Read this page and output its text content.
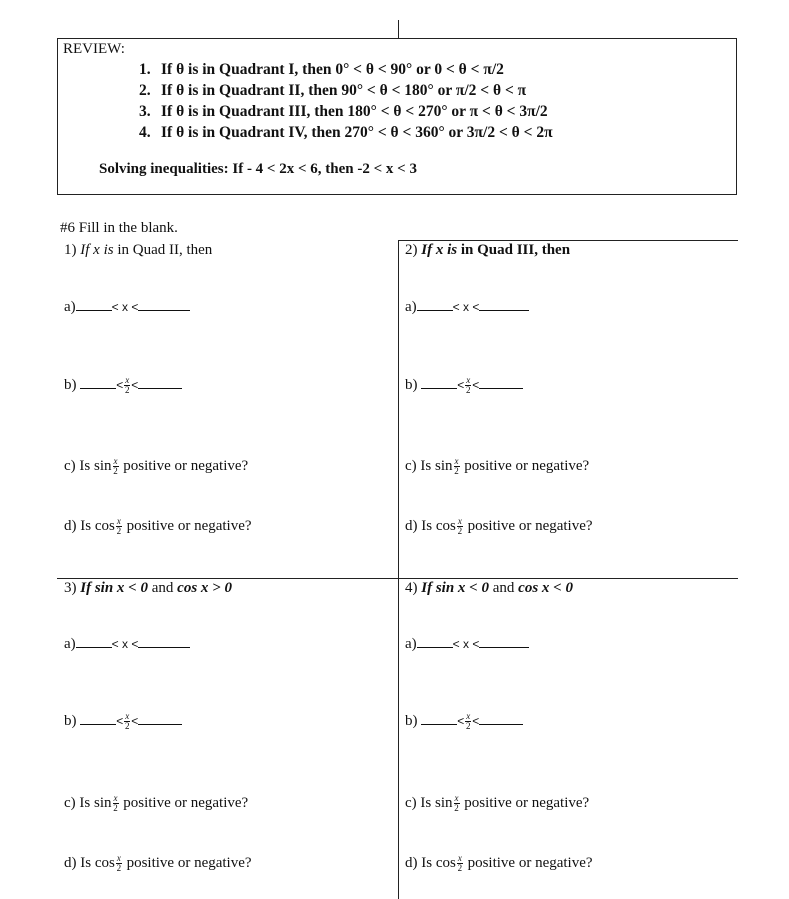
REVIEW:
1. If θ is in Quadrant I, then 0° < θ < 90° or 0 < θ < π/2
2. If θ is in Quadrant II, then 90° < θ < 180° or π/2 < θ < π
3. If θ is in Quadrant III, then 180° < θ < 270° or π < θ < 3π/2
4. If θ is in Quadrant IV, then 270° < θ < 360° or 3π/2 < θ < 2π
Solving inequalities: If - 4 < 2x < 6, then -2 < x < 3
#6 Fill in the blank.
1) If x is in Quad II, then	2) If x is in Quad III, then
3) If sin x < 0 and cos x > 0	4) If sin x < 0 and cos x < 0
a)	< x <
b)	< $\frac{x}{2}$ <
c) Is $\sin \frac{x}{2}$ positive or negative?
d) Is $\cos \frac{x}{2}$ positive or negative?
a)	< x <
b)	< $\frac{x}{2}$ <
c) Is $\sin \frac{x}{2}$ positive or negative?
d) Is $\cos \frac{x}{2}$ positive or negative?
a)	< x <
b)	< $\frac{x}{2}$ <
c) Is $\sin \frac{x}{2}$ positive or negative?
d) Is $\cos \frac{x}{2}$ positive or negative?
a)	< x <
b)	< $\frac{x}{2}$ <
c) Is $\sin \frac{x}{2}$ positive or negative?
d) Is $\cos \frac{x}{2}$ positive or negative?
